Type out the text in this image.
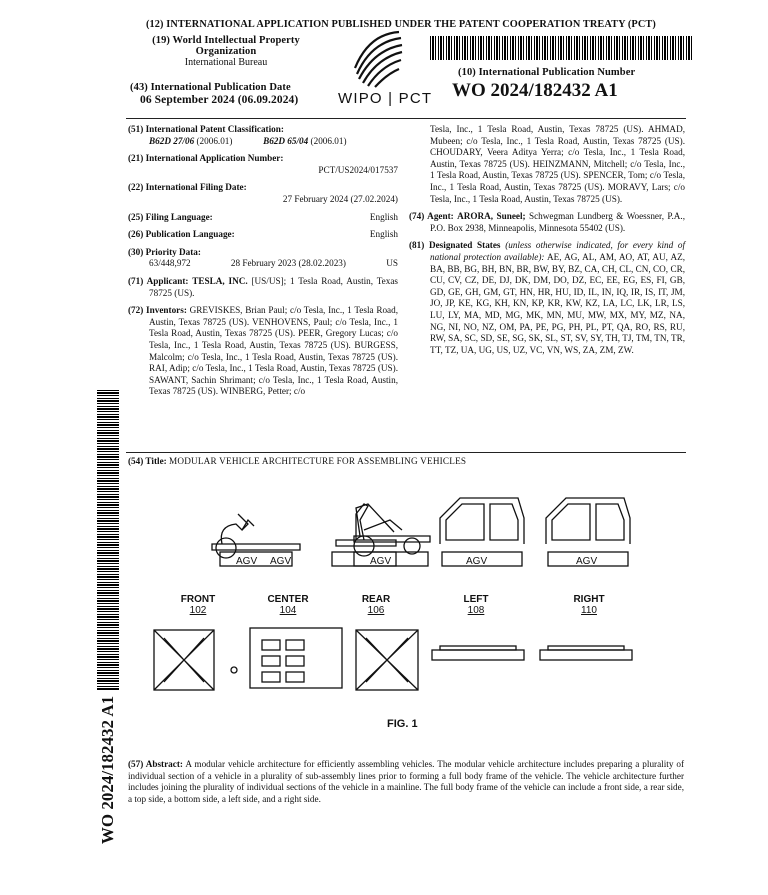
(12) INTERNATIONAL APPLICATION PUBLISHED UNDER THE PATENT COOPERATION TREATY (PCT)
(19) World Intellectual Property
Organization
International Bureau
(43) International Publication Date
06 September 2024 (06.09.2024)	WIPO | PCT
(10) International Publication Number
WO 2024/182432 A1
(51) International Patent Classification:
B62D 27/06 (2006.01)	B62D 65/04 (2006.01)
(21) International Application Number:
PCT/US2024/017537
(22) International Filing Date:
27 February 2024 (27.02.2024)
(25) Filing Language:	English
(26) Publication Language:	English
(30) Priority Data:
63/448,972	28 February 2023 (28.02.2023)	US

(71) Applicant: TESLA, INC. [US/US]; 1 Tesla Road, Austin, Texas 78725 (US).

(72) Inventors: GREVISKES, Brian Paul; c/o Tesla, Inc., 1 Tesla Road, Austin, Texas 78725 (US). VENHOVENS, Paul; c/o Tesla, Inc., 1 Tesla Road, Austin, Texas 78725 (US). PEER, Gregory Lucas; c/o Tesla, Inc., 1 Tesla Road, Austin, Texas 78725 (US). BURGESS, Malcolm; c/o Tesla, Inc., 1 Tesla Road, Austin, Texas 78725 (US). RAI, Adip; c/o Tesla, Inc., 1 Tesla Road, Austin, Texas 78725 (US). SAWANT, Sachin Shrimant; c/o Tesla, Inc., 1 Tesla Road, Austin, Texas 78725 (US). WINBERG, Petter; c/o

Tesla, Inc., 1 Tesla Road, Austin, Texas 78725 (US). AHMAD, Mubeen; c/o Tesla, Inc., 1 Tesla Road, Austin, Texas 78725 (US). CHOUDARY, Veera Aditya Yerra; c/o Tesla, Inc., 1 Tesla Road, Austin, Texas 78725 (US). HEINZMANN, Mitchell; c/o Tesla, Inc., 1 Tesla Road, Austin, Texas 78725 (US). SPENCER, Tom; c/o Tesla, Inc., 1 Tesla Road, Austin, Texas 78725 (US). MORAVY, Lars; c/o Tesla, Inc., 1 Tesla Road, Austin, Texas 78725 (US).

(74) Agent: ARORA, Suneel; Schwegman Lundberg & Woessner, P.A., P.O. Box 2938, Minneapolis, Minnesota 55402 (US).

(81) Designated States (unless otherwise indicated, for every kind of national protection available): AE, AG, AL, AM, AO, AT, AU, AZ, BA, BB, BG, BH, BN, BR, BW, BY, BZ, CA, CH, CL, CN, CO, CR, CU, CV, CZ, DE, DJ, DK, DM, DO, DZ, EC, EE, EG, ES, FI, GB, GD, GE, GH, GM, GT, HN, HR, HU, ID, IL, IN, IQ, IR, IS, IT, JM, JO, JP, KE, KG, KH, KN, KP, KR, KW, KZ, LA, LC, LK, LR, LS, LU, LY, MA, MD, MG, MK, MN, MU, MW, MX, MY, MZ, NA, NG, NI, NO, NZ, OM, PA, PE, PG, PH, PL, PT, QA, RO, RS, RU, RW, SA, SC, SD, SE, SG, SK, SL, ST, SV, SY, TH, TJ, TM, TN, TR, TT, TZ, UA, UG, US, UZ, VC, VN, WS, ZA, ZM, ZW.

(54) Title: MODULAR VEHICLE ARCHITECTURE FOR ASSEMBLING VEHICLES
AGV AGV	AGV	AGV	AGV
FRONT
102
CENTER
104
REAR
106
LEFT
108
RIGHT
110
FIG. 1

(57) Abstract: A modular vehicle architecture for efficiently assembling vehicles. The modular vehicle architecture includes preparing a plurality of individual section of a vehicle in a plurality of sub-assembly lines prior to forming a full body frame of the vehicle. The vehicle architecture further includes joining the plurality of individual sections of the vehicle in a mainline. The full body frame of the vehicle can include a front side, a rear side, a top side, a bottom side, a left side, and a right side.

WO 2024/182432 A1
